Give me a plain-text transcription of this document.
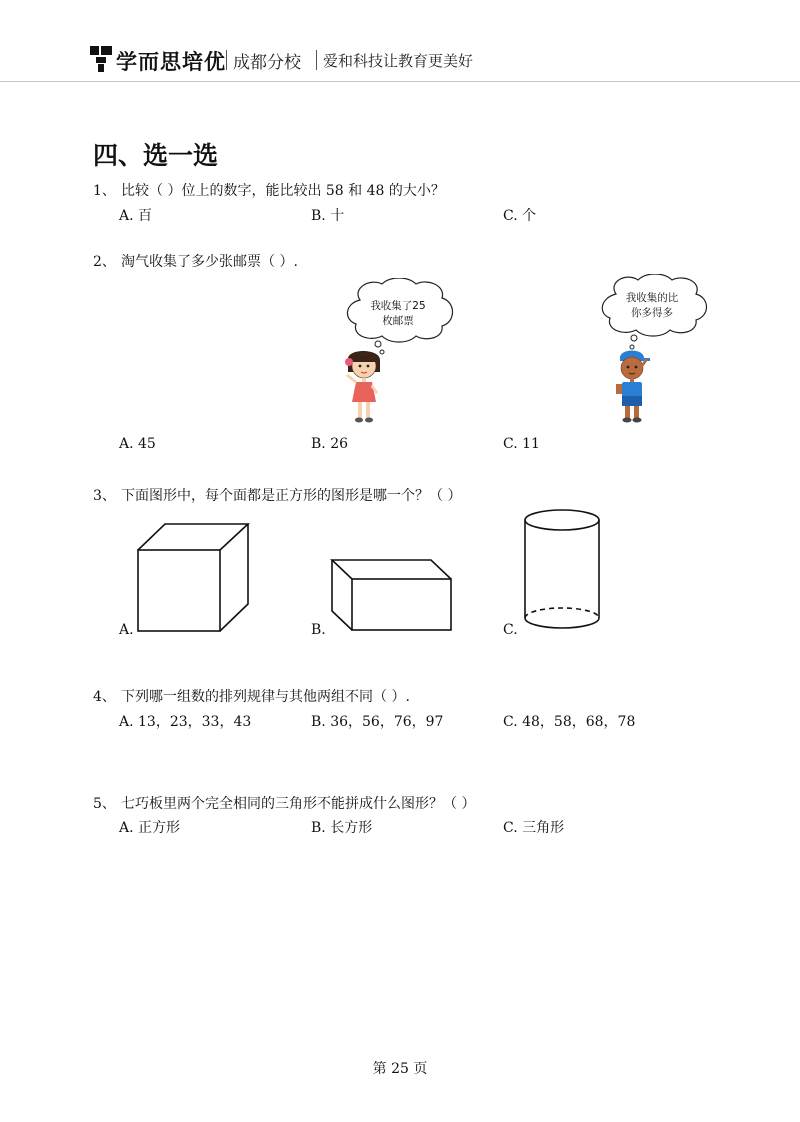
学而思培优 成都分校 爱和科技让教育更美好
四、选一选
1、 比较（ ）位上的数字，能比较出 58 和 48 的大小？
A. 百	B. 十	C. 个
2、 淘气收集了多少张邮票（ ）.
我收集了25
枚邮票
我收集的比
你多得多
A. 45	B. 26	C. 11
3、 下面图形中，每个面都是正方形的图形是哪一个？（ ）
A.	B.	C.
4、 下列哪一组数的排列规律与其他两组不同（ ）.
A. 13，23，33，43	B. 36，56，76，97	C. 48，58，68，78
5、 七巧板里两个完全相同的三角形不能拼成什么图形？（ ）
A. 正方形	B. 长方形	C. 三角形
第 25 页
